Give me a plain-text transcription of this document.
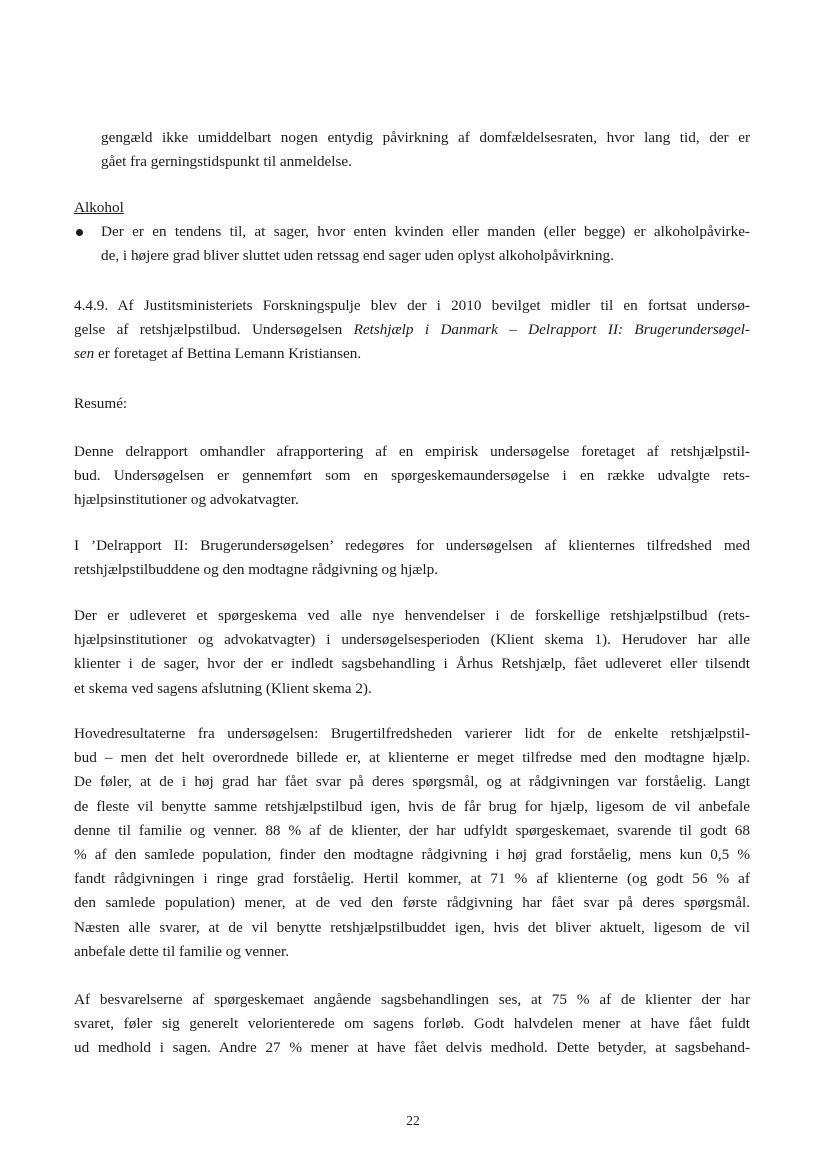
gengæld ikke umiddelbart nogen entydig påvirkning af domfældelsesraten, hvor lang tid, der er
gået fra gerningstidspunkt til anmeldelse.
Alkohol
Der er en tendens til, at sager, hvor enten kvinden eller manden (eller begge) er alkoholpåvirke-
de, i højere grad bliver sluttet uden retssag end sager uden oplyst alkoholpåvirkning.
4.4.9. Af Justitsministeriets Forskningspulje blev der i 2010 bevilget midler til en fortsat undersø-
gelse af retshjælpstilbud. Undersøgelsen Retshjælp i Danmark – Delrapport II: Brugerundersøgel-
sen er foretaget af Bettina Lemann Kristiansen.
Resumé:
Denne delrapport omhandler afrapportering af en empirisk undersøgelse foretaget af retshjælpstil-
bud. Undersøgelsen er gennemført som en spørgeskemaundersøgelse i en række udvalgte rets-
hjælpsinstitutioner og advokatvagter.
I ’Delrapport II: Brugerundersøgelsen’ redegøres for undersøgelsen af klienternes tilfredshed med
retshjælpstilbuddene og den modtagne rådgivning og hjælp.
Der er udleveret et spørgeskema ved alle nye henvendelser i de forskellige retshjælpstilbud (rets-
hjælpsinstitutioner og advokatvagter) i undersøgelsesperioden (Klient skema 1). Herudover har alle
klienter i de sager, hvor der er indledt sagsbehandling i Århus Retshjælp, fået udleveret eller tilsendt
et skema ved sagens afslutning (Klient skema 2).
Hovedresultaterne fra undersøgelsen: Brugertilfredsheden varierer lidt for de enkelte retshjælpstil-
bud – men det helt overordnede billede er, at klienterne er meget tilfredse med den modtagne hjælp.
De føler, at de i høj grad har fået svar på deres spørgsmål, og at rådgivningen var forståelig. Langt
de fleste vil benytte samme retshjælpstilbud igen, hvis de får brug for hjælp, ligesom de vil anbefale
denne til familie og venner. 88 % af de klienter, der har udfyldt spørgeskemaet, svarende til godt 68
% af den samlede population, finder den modtagne rådgivning i høj grad forståelig, mens kun 0,5 %
fandt rådgivningen i ringe grad forståelig. Hertil kommer, at 71 % af klienterne (og godt 56 % af
den samlede population) mener, at de ved den første rådgivning har fået svar på deres spørgsmål.
Næsten alle svarer, at de vil benytte retshjælpstilbuddet igen, hvis det bliver aktuelt, ligesom de vil
anbefale dette til familie og venner.
Af besvarelserne af spørgeskemaet angående sagsbehandlingen ses, at 75 % af de klienter der har
svaret, føler sig generelt velorienterede om sagens forløb. Godt halvdelen mener at have fået fuldt
ud medhold i sagen. Andre 27 % mener at have fået delvis medhold. Dette betyder, at sagsbehand-
22
